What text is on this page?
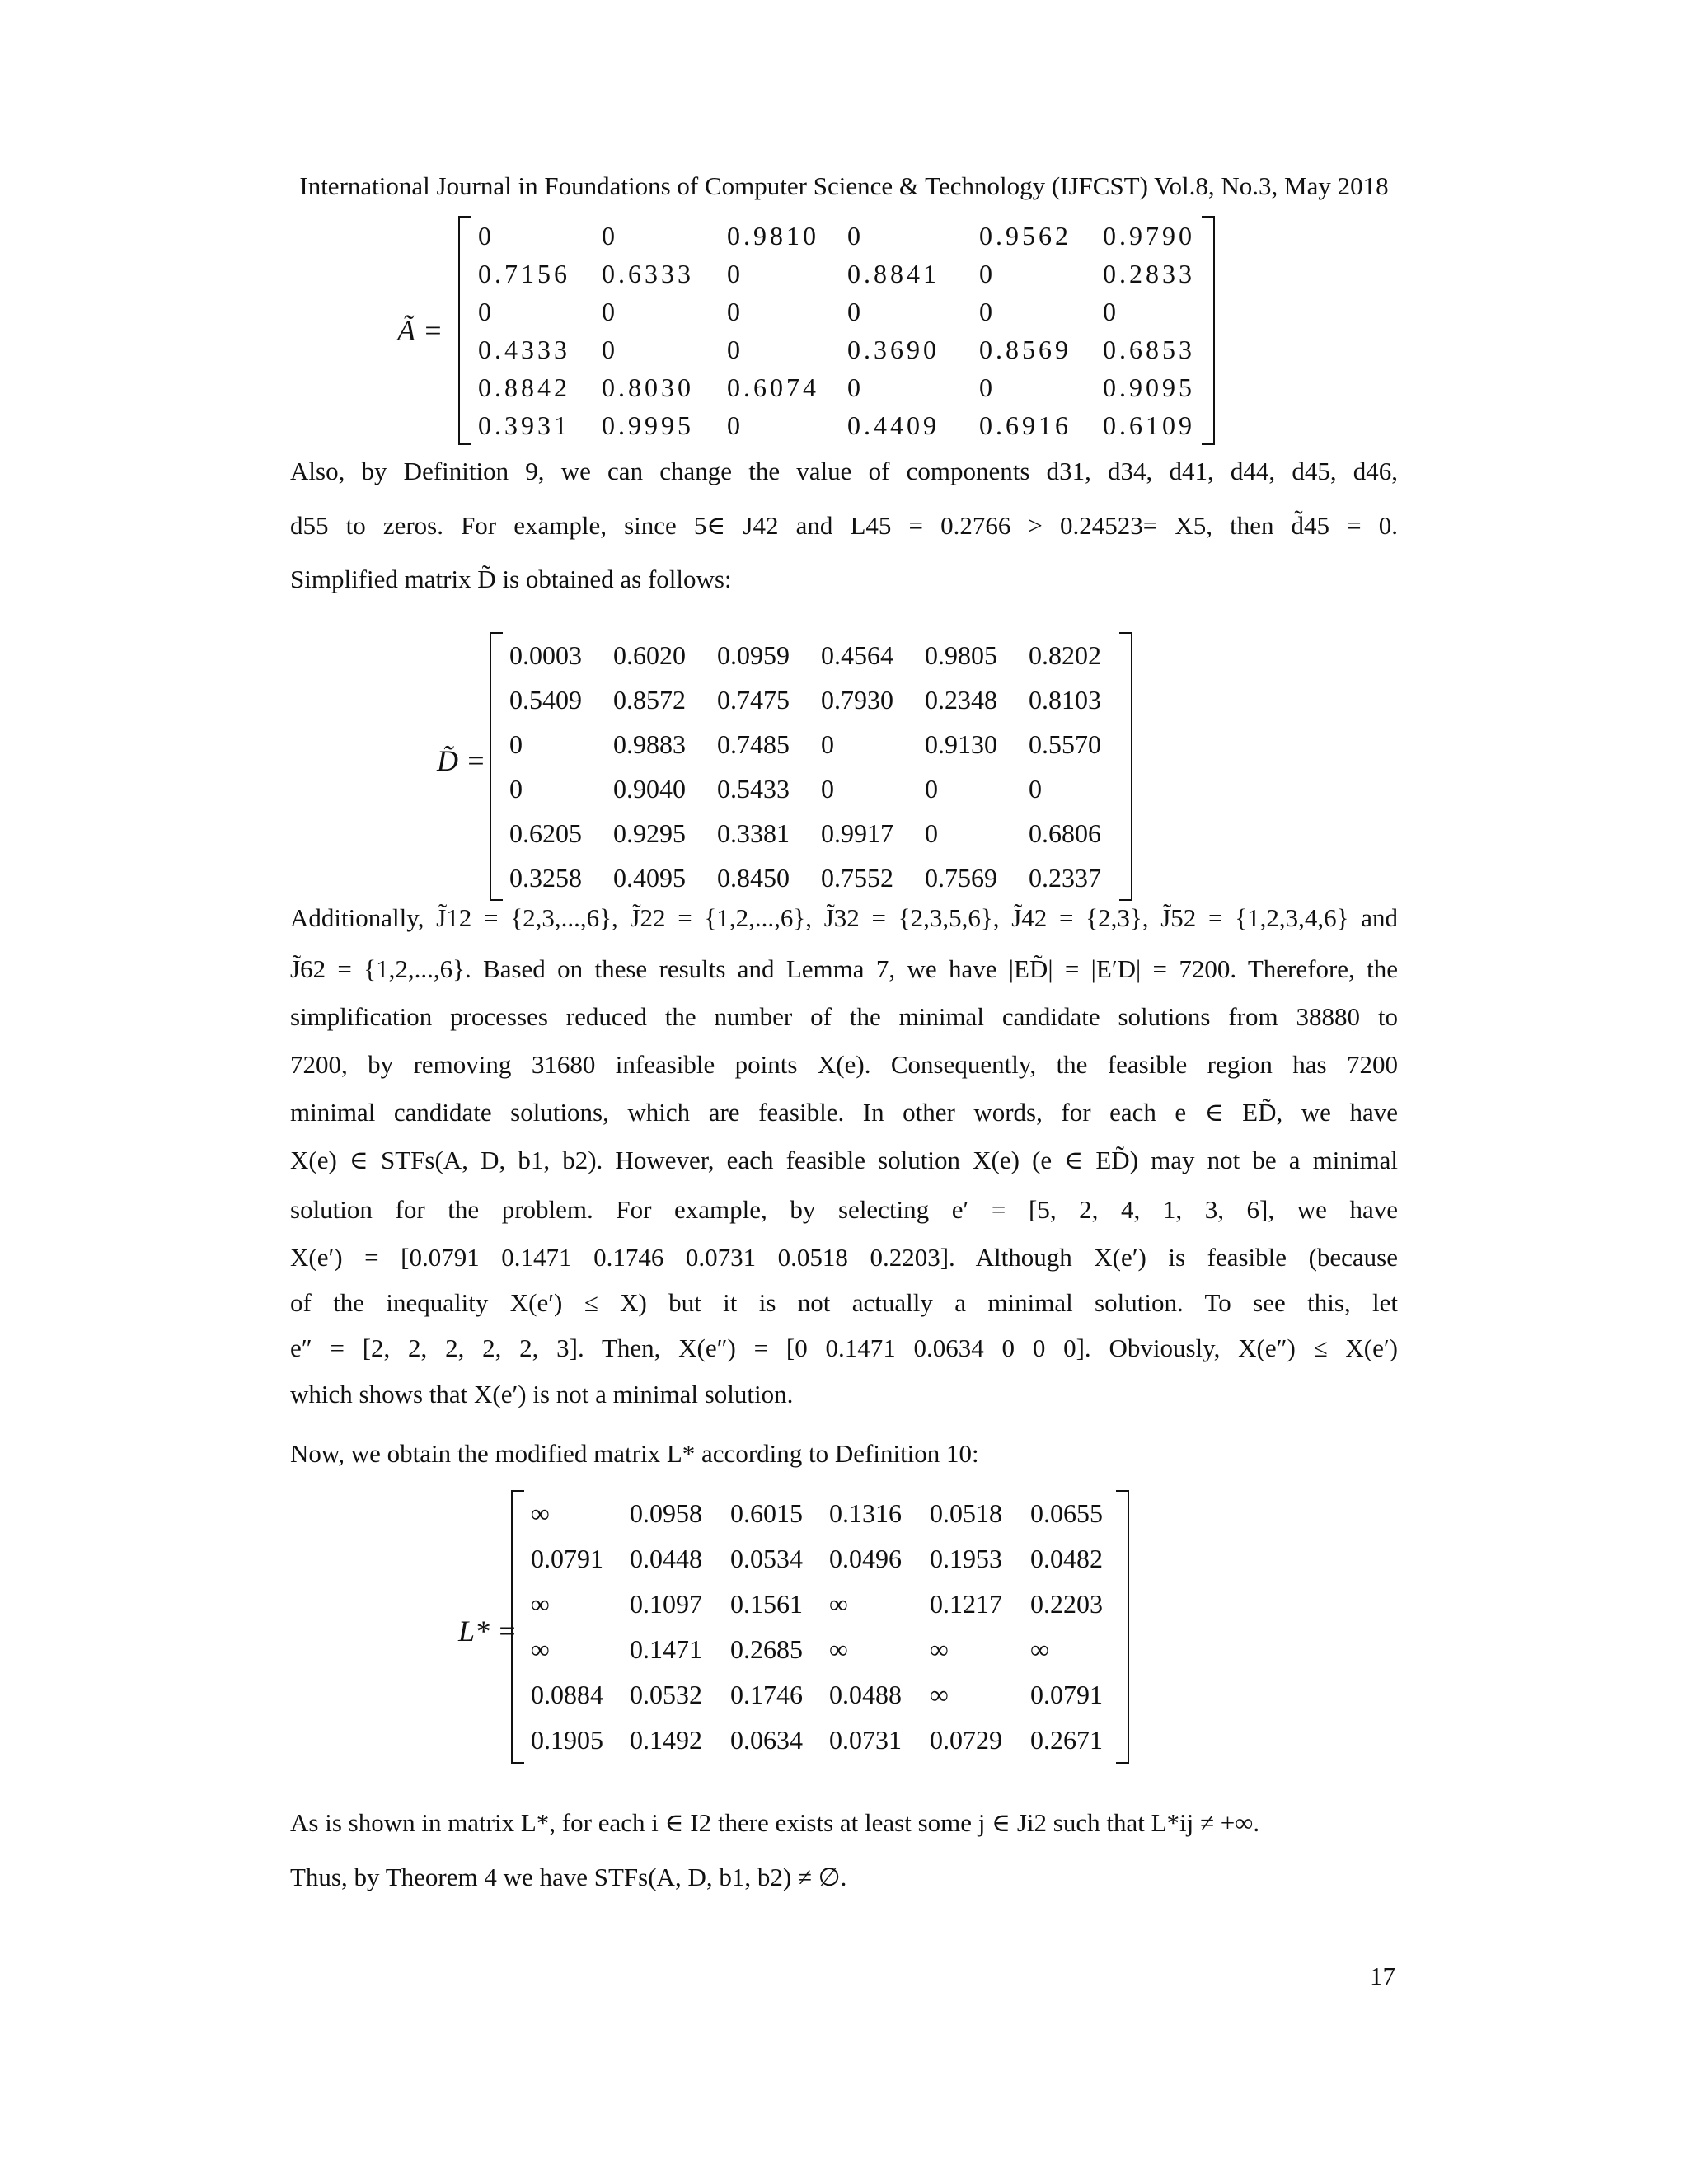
International Journal in Foundations of Computer Science & Technology (IJFCST) Vol.8, No.3, May 2018
Ã =
	0	0	0.9810	0	0.9562	0.9790	
	0.7156	0.6333	0	0.8841	0	0.2833	
	0	0	0	0	0	0	
	0.4333	0	0	0.3690	0.8569	0.6853	
	0.8842	0.8030	0.6074	0	0	0.9095	
	0.3931	0.9995	0	0.4409	0.6916	0.6109	
Also, by Definition 9, we can change the value of components d31, d34, d41, d44, d45, d46,
d55 to zeros. For example, since 5∈ J42 and L45 = 0.2766 > 0.24523= X5, then d̃45 = 0.
Simplified matrix D̃ is obtained as follows:
D̃ =
	0.0003	0.6020	0.0959	0.4564	0.9805	0.8202	
	0.5409	0.8572	0.7475	0.7930	0.2348	0.8103	
	0	0.9883	0.7485	0	0.9130	0.5570	
	0	0.9040	0.5433	0	0	0	
	0.6205	0.9295	0.3381	0.9917	0	0.6806	
	0.3258	0.4095	0.8450	0.7552	0.7569	0.2337	
Additionally, J̃12 = {2,3,...,6}, J̃22 = {1,2,...,6}, J̃32 = {2,3,5,6}, J̃42 = {2,3}, J̃52 = {1,2,3,4,6} and
J̃62 = {1,2,...,6}. Based on these results and Lemma 7, we have |ED̃| = |E′D| = 7200. Therefore, the
simplification processes reduced the number of the minimal candidate solutions from 38880 to
7200, by removing 31680 infeasible points X(e). Consequently, the feasible region has 7200
minimal candidate solutions, which are feasible. In other words, for each e ∈ ED̃, we have
X(e) ∈ STFs(A, D, b1, b2). However, each feasible solution X(e) (e ∈ ED̃) may not be a minimal
solution for the problem. For example, by selecting e′ = [5, 2, 4, 1, 3, 6], we have
X(e′) = [0.0791 0.1471 0.1746 0.0731 0.0518 0.2203]. Although X(e′) is feasible (because
of the inequality X(e′) ≤ X) but it is not actually a minimal solution. To see this, let
e″ = [2, 2, 2, 2, 2, 3]. Then, X(e″) = [0 0.1471 0.0634 0 0 0]. Obviously, X(e″) ≤ X(e′)
which shows that X(e′) is not a minimal solution.
Now, we obtain the modified matrix L* according to Definition 10:
L* =
	∞	0.0958	0.6015	0.1316	0.0518	0.0655	
	0.0791	0.0448	0.0534	0.0496	0.1953	0.0482	
	∞	0.1097	0.1561	∞	0.1217	0.2203	
	∞	0.1471	0.2685	∞	∞	∞	
	0.0884	0.0532	0.1746	0.0488	∞	0.0791	
	0.1905	0.1492	0.0634	0.0731	0.0729	0.2671	
As is shown in matrix L*, for each i ∈ I2 there exists at least some j ∈ Ji2 such that L*ij ≠ +∞.
Thus, by Theorem 4 we have STFs(A, D, b1, b2) ≠ ∅.
17
